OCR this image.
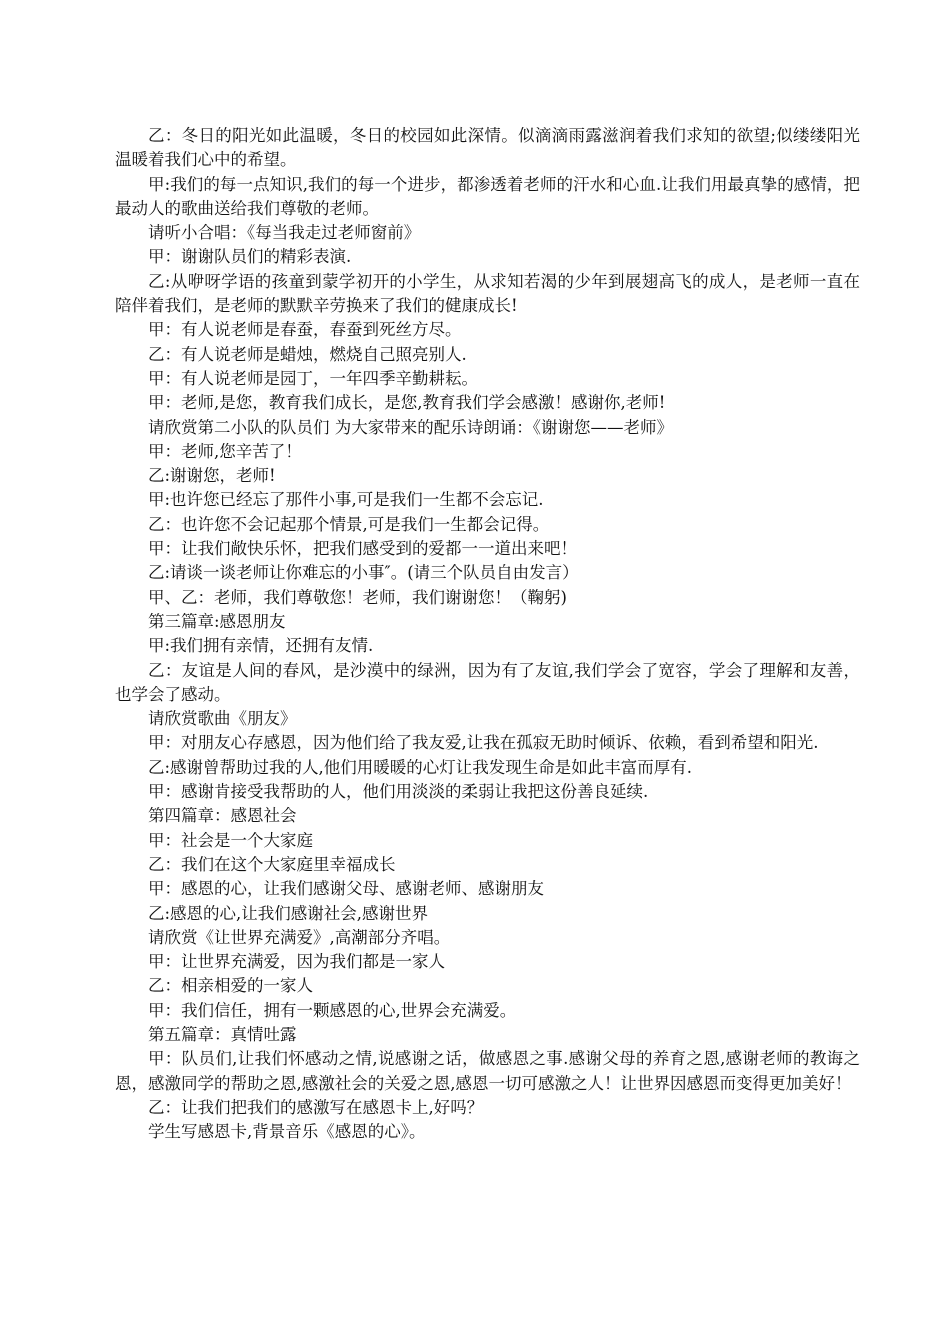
乙：冬日的阳光如此温暖，冬日的校园如此深情。似滴滴雨露滋润着我们求知的欲望;似缕缕阳光温暖着我们心中的希望。

甲:我们的每一点知识,我们的每一个进步，都渗透着老师的汗水和心血.让我们用最真挚的感情，把最动人的歌曲送给我们尊敬的老师。

请听小合唱：《每当我走过老师窗前》

甲：谢谢队员们的精彩表演.

乙:从咿呀学语的孩童到蒙学初开的小学生，从求知若渴的少年到展翅高飞的成人，是老师一直在陪伴着我们，是老师的默默辛劳换来了我们的健康成长!

甲：有人说老师是春蚕，春蚕到死丝方尽。

乙：有人说老师是蜡烛，燃烧自己照亮别人.

甲：有人说老师是园丁，一年四季辛勤耕耘。

甲：老师,是您，教育我们成长，是您,教育我们学会感激！感谢你,老师!

请欣赏第二小队的队员们 为大家带来的配乐诗朗诵：《谢谢您——老师》

甲：老师,您辛苦了！

乙:谢谢您，老师!

甲:也许您已经忘了那件小事,可是我们一生都不会忘记.

乙：也许您不会记起那个情景,可是我们一生都会记得。

甲：让我们敞快乐怀，把我们感受到的爱都一一道出来吧！

乙:请谈一谈老师让你难忘的小事″。(请三个队员自由发言）

甲、乙：老师，我们尊敬您！老师，我们谢谢您！（鞠躬)

第三篇章:感恩朋友

甲:我们拥有亲情，还拥有友情.

乙：友谊是人间的春风，是沙漠中的绿洲，因为有了友谊,我们学会了宽容，学会了理解和友善，也学会了感动。

请欣赏歌曲《朋友》

甲：对朋友心存感恩，因为他们给了我友爱,让我在孤寂无助时倾诉、依赖，看到希望和阳光.

乙:感谢曾帮助过我的人,他们用暖暖的心灯让我发现生命是如此丰富而厚有.

甲：感谢肯接受我帮助的人，他们用淡淡的柔弱让我把这份善良延续.

第四篇章：感恩社会

甲：社会是一个大家庭

乙：我们在这个大家庭里幸福成长

甲：感恩的心，让我们感谢父母、感谢老师、感谢朋友

乙:感恩的心,让我们感谢社会,感谢世界

请欣赏《让世界充满爱》,高潮部分齐唱。

甲：让世界充满爱，因为我们都是一家人

乙：相亲相爱的一家人

甲：我们信任，拥有一颗感恩的心,世界会充满爱。

第五篇章：真情吐露

甲：队员们,让我们怀感动之情,说感谢之话，做感恩之事.感谢父母的养育之恩,感谢老师的教诲之恩，感激同学的帮助之恩,感激社会的关爱之恩,感恩一切可感激之人！让世界因感恩而变得更加美好！

乙：让我们把我们的感激写在感恩卡上,好吗？

学生写感恩卡,背景音乐《感恩的心》。
